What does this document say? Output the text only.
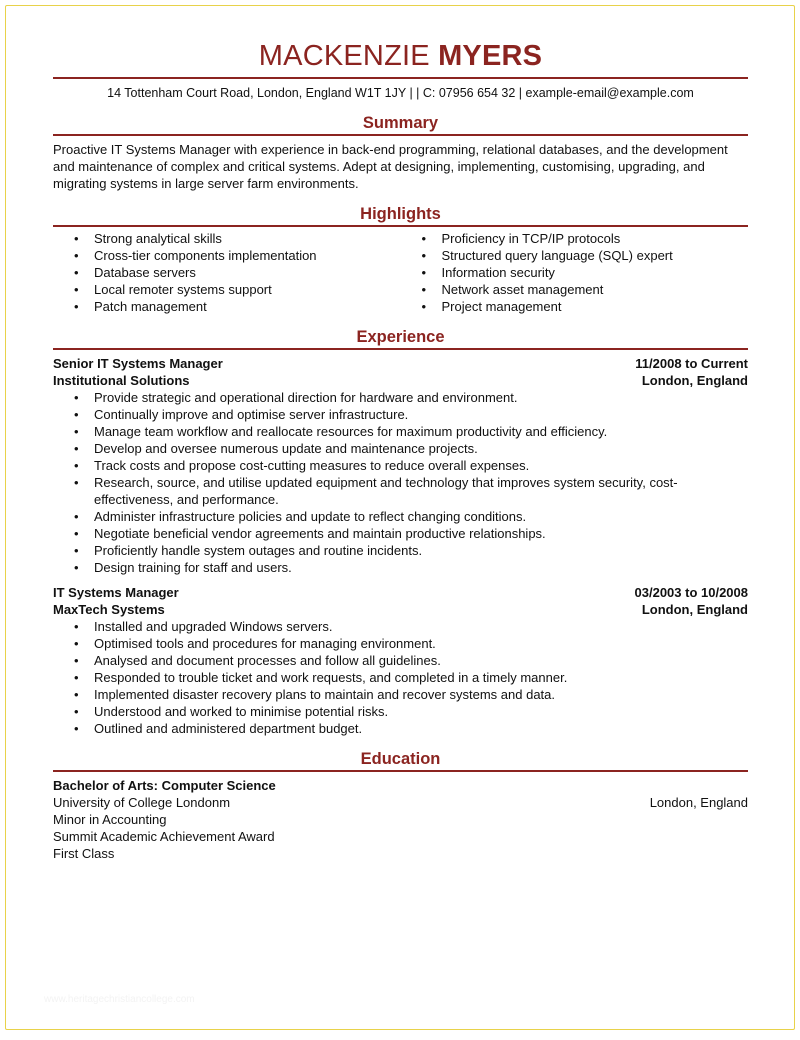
MACKENZIE MYERS
14 Tottenham Court Road, London, England W1T 1JY | | C: 07956 654 32 | example-email@example.com
Summary
Proactive IT Systems Manager with experience in back-end programming, relational databases, and the development and maintenance of complex and critical systems. Adept at designing, implementing, customising, upgrading, and migrating systems in large server farm environments.
Highlights
• Strong analytical skills
• Cross-tier components implementation
• Database servers
• Local remoter systems support
• Patch management
• Proficiency in TCP/IP protocols
• Structured query language (SQL) expert
• Information security
• Network asset management
• Project management
Experience
Senior IT Systems Manager	11/2008 to Current
Institutional Solutions	London, England
• Provide strategic and operational direction for hardware and environment.
• Continually improve and optimise server infrastructure.
• Manage team workflow and reallocate resources for maximum productivity and efficiency.
• Develop and oversee numerous update and maintenance projects.
• Track costs and propose cost-cutting measures to reduce overall expenses.
• Research, source, and utilise updated equipment and technology that improves system security, cost-effectiveness, and performance.
• Administer infrastructure policies and update to reflect changing conditions.
• Negotiate beneficial vendor agreements and maintain productive relationships.
• Proficiently handle system outages and routine incidents.
• Design training for staff and users.
IT Systems Manager	03/2003 to 10/2008
MaxTech Systems	London, England
• Installed and upgraded Windows servers.
• Optimised tools and procedures for managing environment.
• Analysed and document processes and follow all guidelines.
• Responded to trouble ticket and work requests, and completed in a timely manner.
• Implemented disaster recovery plans to maintain and recover systems and data.
• Understood and worked to minimise potential risks.
• Outlined and administered department budget.
Education
Bachelor of Arts: Computer Science
University of College Londonm	London, England
Minor in Accounting
Summit Academic Achievement Award
First Class
www.heritagechristiancollege.com
